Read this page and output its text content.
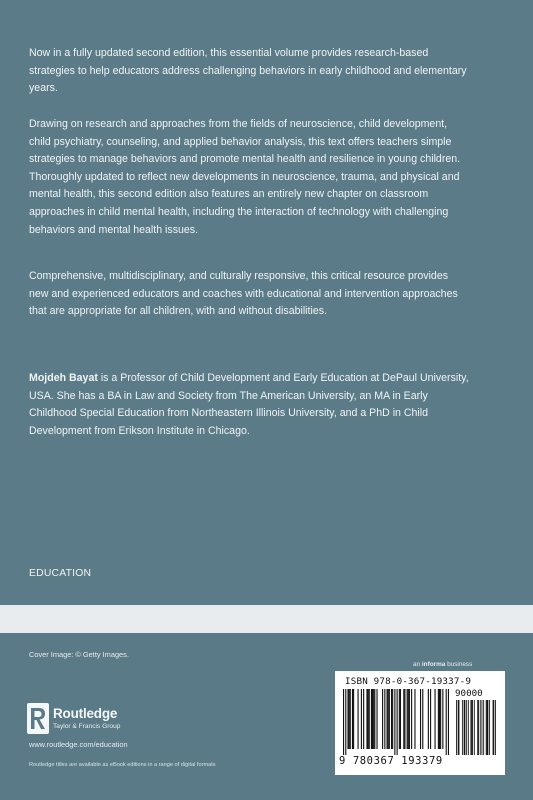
Now in a fully updated second edition, this essential volume provides research-based strategies to help educators address challenging behaviors in early childhood and elementary years.

Drawing on research and approaches from the fields of neuroscience, child development, child psychiatry, counseling, and applied behavior analysis, this text offers teachers simple strategies to manage behaviors and promote mental health and resilience in young children. Thoroughly updated to reflect new developments in neuroscience, trauma, and physical and mental health, this second edition also features an entirely new chapter on classroom approaches in child mental health, including the interaction of technology with challenging behaviors and mental health issues.

Comprehensive, multidisciplinary, and culturally responsive, this critical resource provides new and experienced educators and coaches with educational and intervention approaches that are appropriate for all children, with and without disabilities.

Mojdeh Bayat is a Professor of Child Development and Early Education at DePaul University, USA. She has a BA in Law and Society from The American University, an MA in Early Childhood Special Education from Northeastern Illinois University, and a PhD in Child Development from Erikson Institute in Chicago.

EDUCATION
Cover Image: © Getty Images.
an informa business
Routledge
Taylor & Francis Group
www.routledge.com/education
Routledge titles are available as eBook editions in a range of digital formats
ISBN 978-0-367-19337-9
90000
9 780367 193379
